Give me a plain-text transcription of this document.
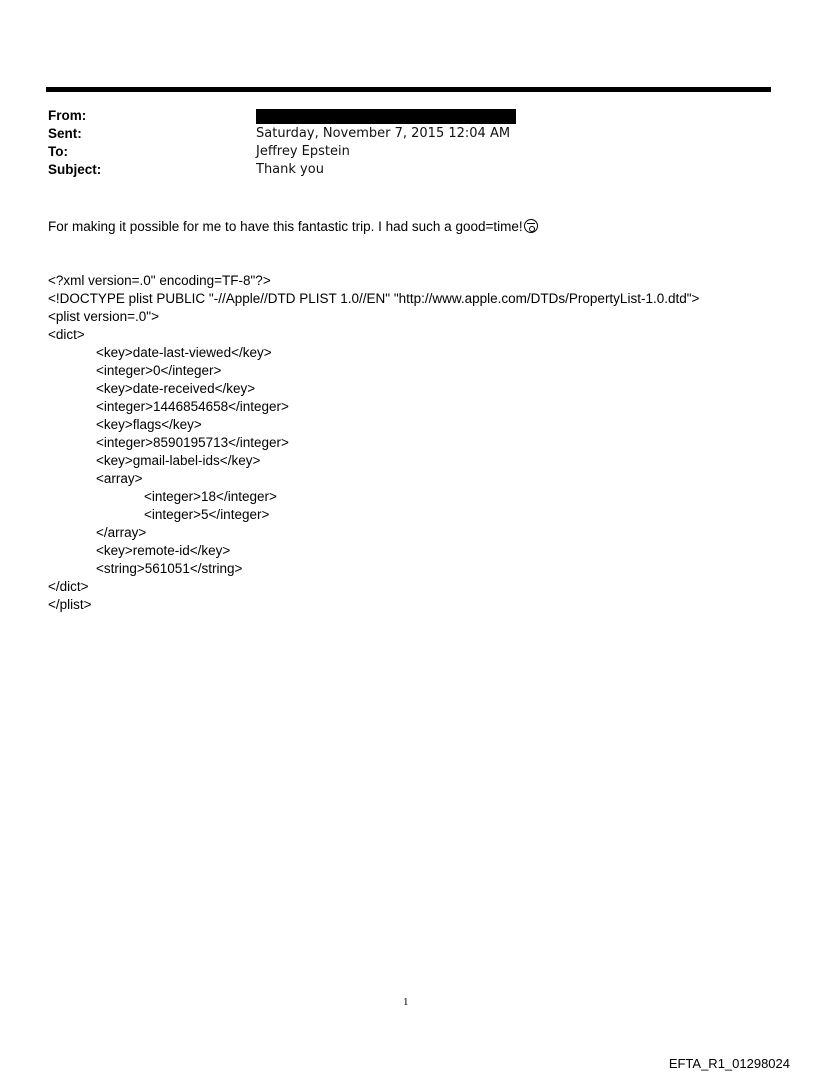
From:
Sent:	Saturday, November 7, 2015 12:04 AM
To:	Jeffrey Epstein
Subject:	Thank you
For making it possible for me to have this fantastic trip. I had such a good=time!
<?xml version=.0" encoding=TF-8"?>
<!DOCTYPE plist PUBLIC "-//Apple//DTD PLIST 1.0//EN" "http://www.apple.com/DTDs/PropertyList-1.0.dtd">
<plist version=.0">
<dict>
<key>date-last-viewed</key>
<integer>0</integer>
<key>date-received</key>
<integer>1446854658</integer>
<key>flags</key>
<integer>8590195713</integer>
<key>gmail-label-ids</key>
<array>
<integer>18</integer>
<integer>5</integer>
</array>
<key>remote-id</key>
<string>561051</string>
</dict>
</plist>
1
EFTA_R1_01298024
